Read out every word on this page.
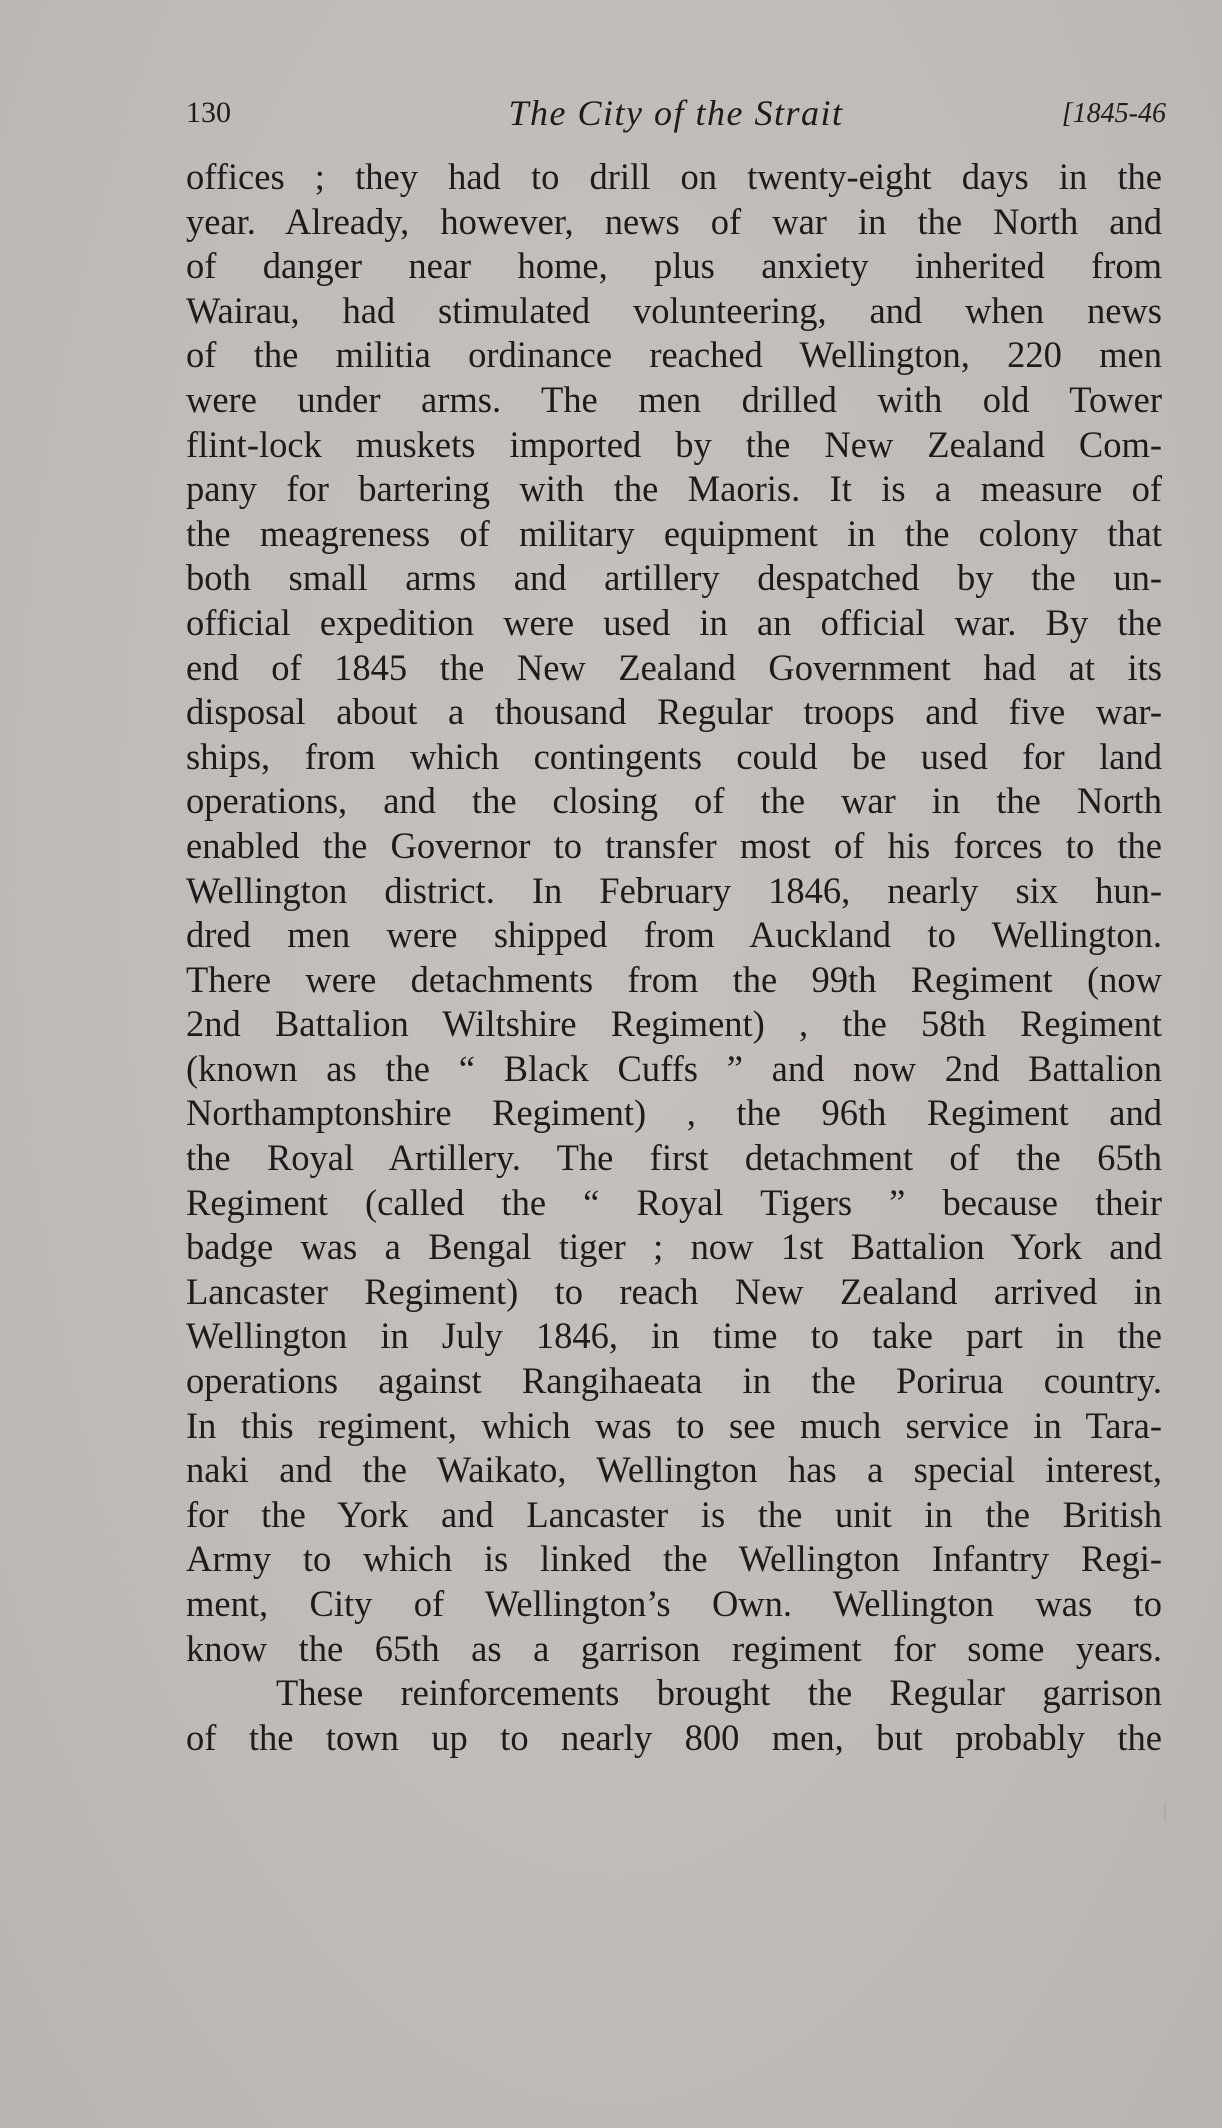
130	The City of the Strait	[1845-46
offices ; they had to drill on twenty-eight days in the
year. Already, however, news of war in the North and
of danger near home, plus anxiety inherited from
Wairau, had stimulated volunteering, and when news
of the militia ordinance reached Wellington, 220 men
were under arms. The men drilled with old Tower
flint-lock muskets imported by the New Zealand Com-
pany for bartering with the Maoris. It is a measure of
the meagreness of military equipment in the colony that
both small arms and artillery despatched by the un-
official expedition were used in an official war. By the
end of 1845 the New Zealand Government had at its
disposal about a thousand Regular troops and five war-
ships, from which contingents could be used for land
operations, and the closing of the war in the North
enabled the Governor to transfer most of his forces to the
Wellington district. In February 1846, nearly six hun-
dred men were shipped from Auckland to Wellington.
There were detachments from the 99th Regiment (now
2nd Battalion Wiltshire Regiment) , the 58th Regiment
(known as the “ Black Cuffs ” and now 2nd Battalion
Northamptonshire Regiment) , the 96th Regiment and
the Royal Artillery. The first detachment of the 65th
Regiment (called the “ Royal Tigers ” because their
badge was a Bengal tiger ; now 1st Battalion York and
Lancaster Regiment) to reach New Zealand arrived in
Wellington in July 1846, in time to take part in the
operations against Rangihaeata in the Porirua country.
In this regiment, which was to see much service in Tara-
naki and the Waikato, Wellington has a special interest,
for the York and Lancaster is the unit in the British
Army to which is linked the Wellington Infantry Regi-
ment, City of Wellington’s Own. Wellington was to
know the 65th as a garrison regiment for some years.
These reinforcements brought the Regular garrison
of the town up to nearly 800 men, but probably the
